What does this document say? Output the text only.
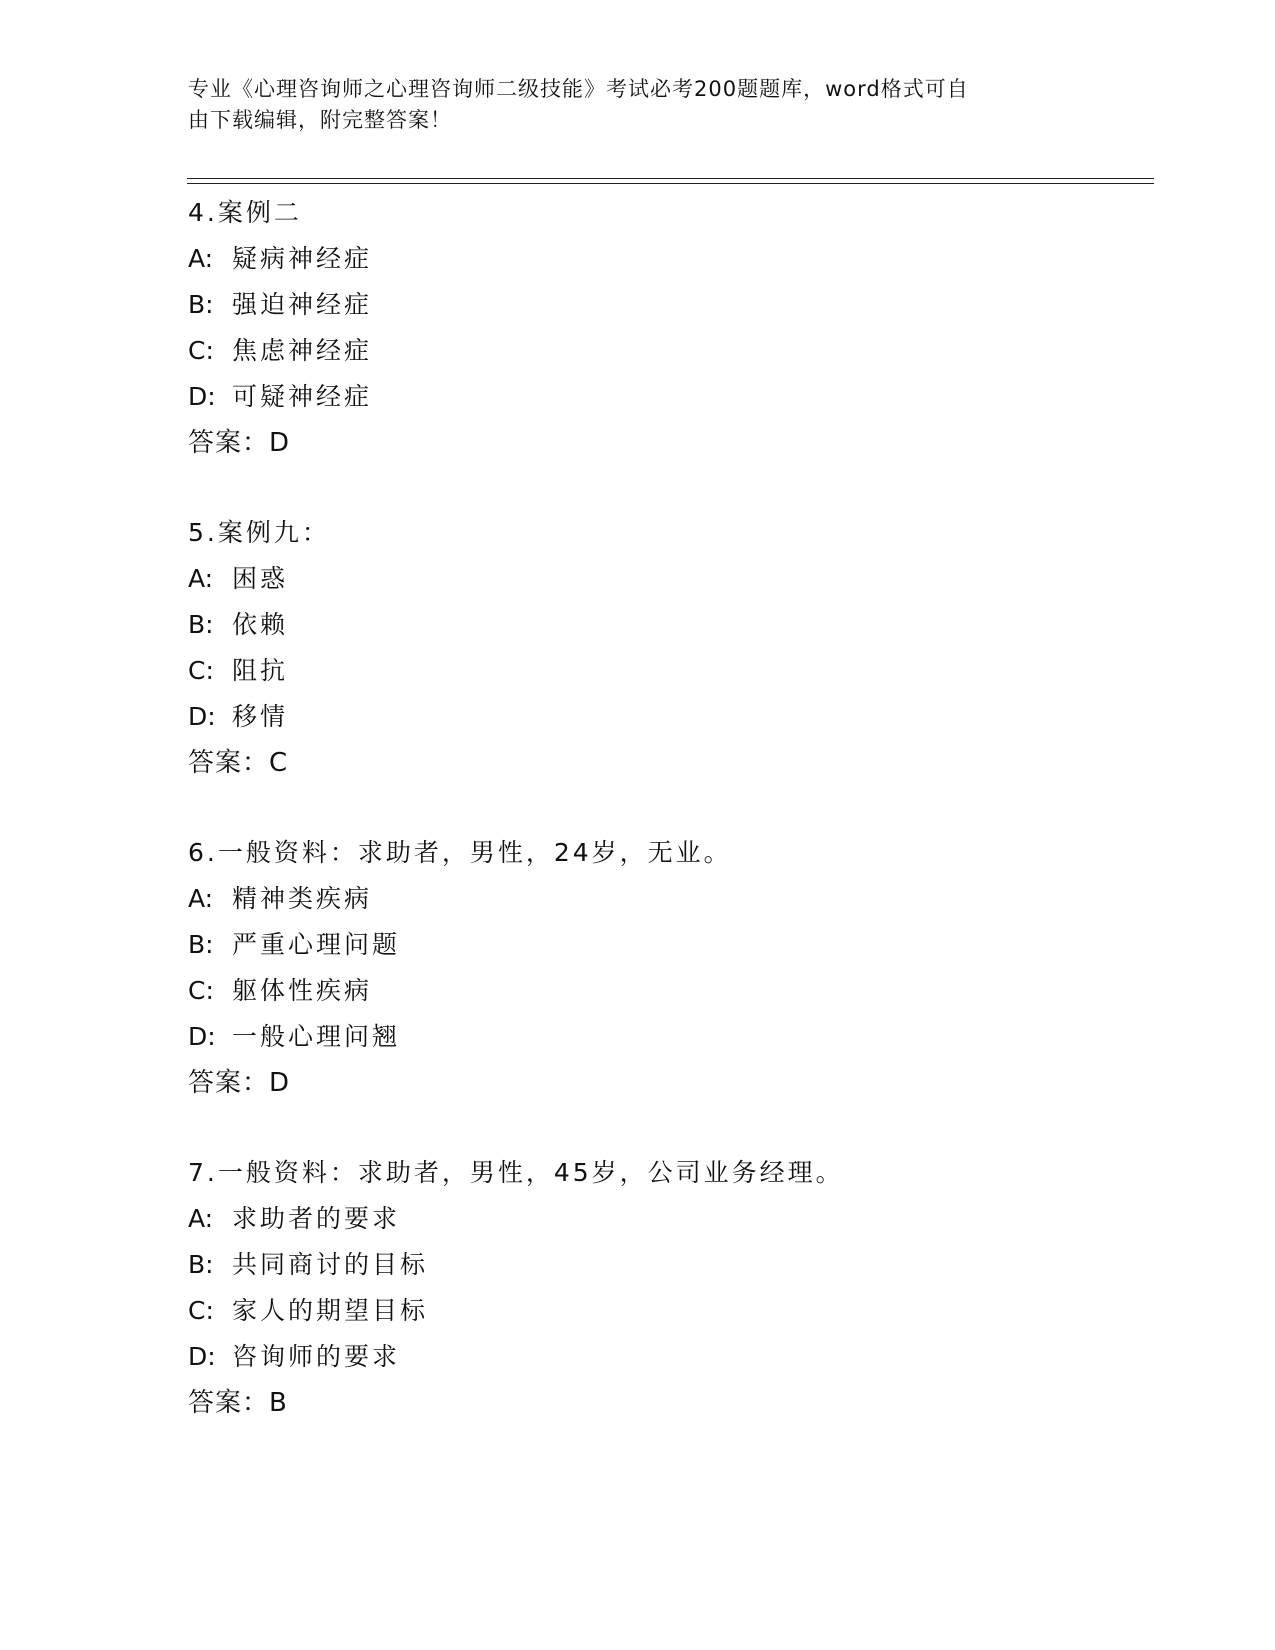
专业《心理咨询师之心理咨询师二级技能》考试必考200题题库，word格式可自

由下载编辑，附完整答案！

4.案例二
A: 疑病神经症
B: 强迫神经症
C: 焦虑神经症
D: 可疑神经症
答案：D
5.案例九：
A: 困惑
B: 依赖
C: 阻抗
D: 移情
答案：C
6.一般资料：求助者，男性，24岁，无业。
A: 精神类疾病
B: 严重心理问题
C: 躯体性疾病
D: 一般心理问翘
答案：D
7.一般资料：求助者，男性，45岁，公司业务经理。
A: 求助者的要求
B: 共同商讨的目标
C: 家人的期望目标
D: 咨询师的要求
答案：B
